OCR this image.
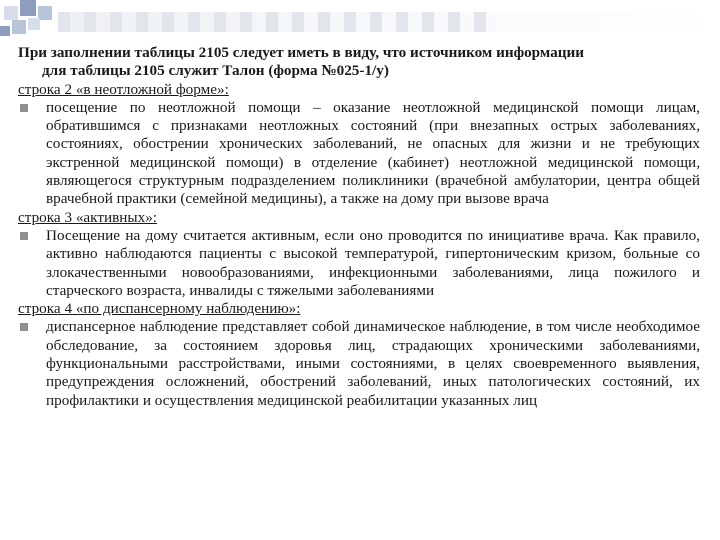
При заполнении таблицы 2105 следует иметь в виду, что источником информации
для таблицы 2105 служит Талон (форма №025-1/у)

строка 2 «в неотложной форме»:

посещение по неотложной помощи – оказание неотложной медицинской помощи лицам, обратившимся с признаками неотложных состояний (при внезапных острых заболеваниях, состояниях, обострении хронических заболеваний, не опасных для жизни и не требующих экстренной медицинской помощи) в отделение (кабинет) неотложной медицинской помощи, являющегося структурным подразделением поликлиники (врачебной амбулатории, центра общей врачебной практики (семейной медицины), а также на дому при вызове врача

строка 3 «активных»:

Посещение на дому считается активным, если оно проводится по инициативе врача. Как правило, активно наблюдаются пациенты с высокой температурой, гипертоническим кризом, больные со злокачественными новообразованиями, инфекционными заболеваниями, лица пожилого и старческого возраста, инвалиды с тяжелыми заболеваниями

строка 4 «по диспансерному наблюдению»:

диспансерное наблюдение представляет собой динамическое наблюдение, в том числе необходимое обследование, за состоянием здоровья лиц, страдающих хроническими заболеваниями, функциональными расстройствами, иными состояниями, в целях своевременного выявления, предупреждения осложнений, обострений заболеваний, иных патологических состояний, их профилактики и осуществления медицинской реабилитации указанных лиц
